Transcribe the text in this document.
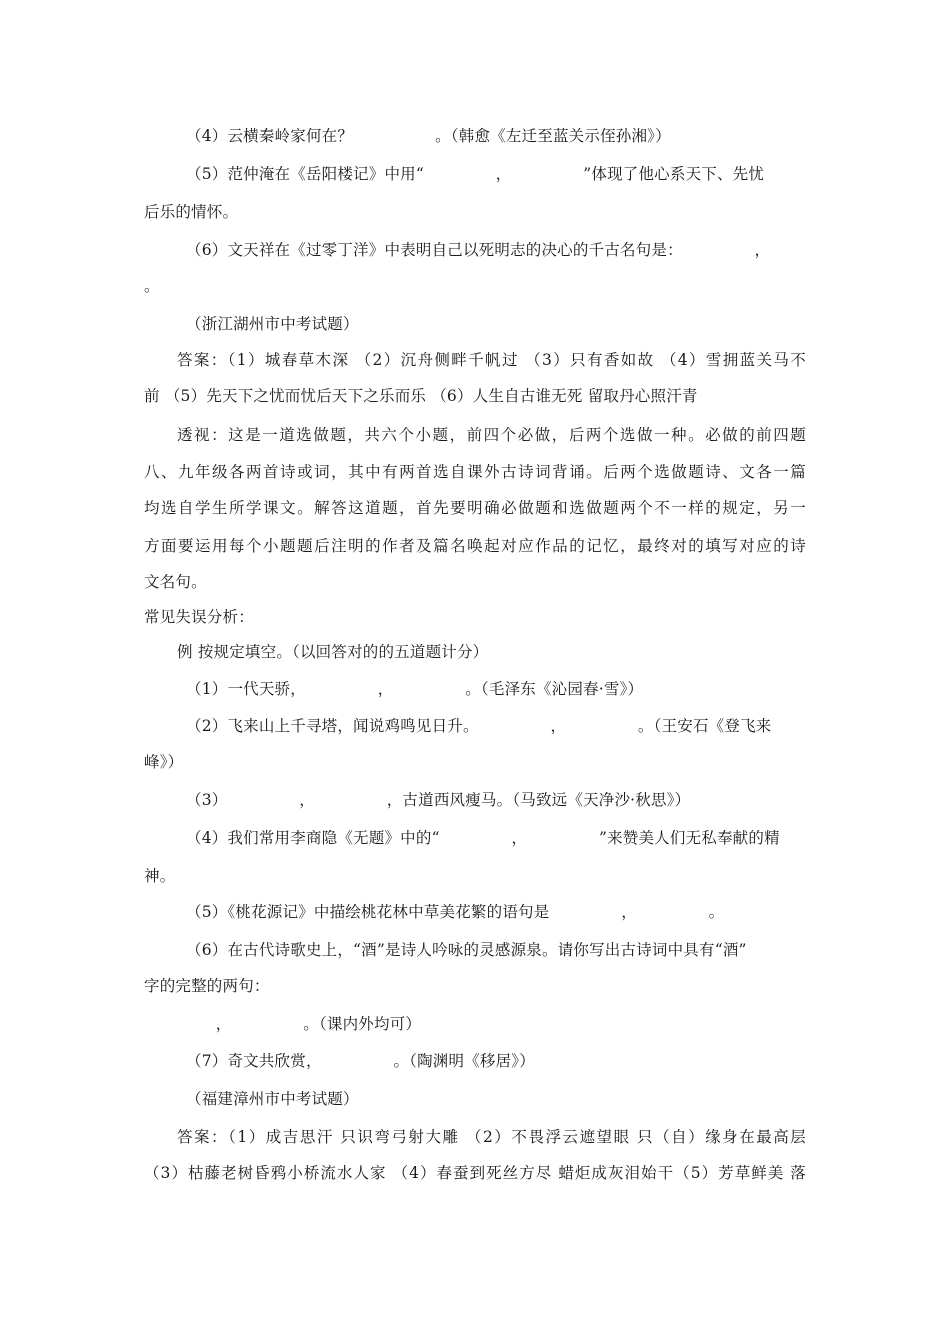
（4）云横秦岭家何在？                。（韩愈《左迁至蓝关示侄孙湘》）
（5）范仲淹在《岳阳楼记》中用“              ，              ”体现了他心系天下、先忧
后乐的情怀。
（6）文天祥在《过零丁洋》中表明自己以死明志的决心的千古名句是：              ，
。
（浙江湖州市中考试题）
答案：（1）城春草木深 （2）沉舟侧畔千帆过 （3）只有香如故 （4）雪拥蓝关马不
前 （5）先天下之忧而忧后天下之乐而乐 （6）人生自古谁无死 留取丹心照汗青
透视：这是一道选做题，共六个小题，前四个必做，后两个选做一种。必做的前四题
八、九年级各两首诗或词，其中有两首选自课外古诗词背诵。后两个选做题诗、文各一篇
均选自学生所学课文。解答这道题，首先要明确必做题和选做题两个不一样的规定，另一
方面要运用每个小题题后注明的作者及篇名唤起对应作品的记忆，最终对的填写对应的诗
文名句。
常见失误分析：
例 按规定填空。（以回答对的的五道题计分）
（1）一代天骄，              ，              。（毛泽东《沁园春·雪》）
（2）飞来山上千寻塔，闻说鸡鸣见日升。              ，              。（王安石《登飞来
峰》）
（3）              ，              ，古道西风瘦马。（马致远《天净沙·秋思》）
（4）我们常用李商隐《无题》中的“              ，              ”来赞美人们无私奉献的精
神。
（5）《桃花源记》中描绘桃花林中草美花繁的语句是              ，              。
（6）在古代诗歌史上，“酒”是诗人吟咏的灵感源泉。请你写出古诗词中具有“酒”
字的完整的两句：
，              。（课内外均可）
（7）奇文共欣赏，              。（陶渊明《移居》）
（福建漳州市中考试题）
答案：（1）成吉思汗 只识弯弓射大雕 （2）不畏浮云遮望眼 只（自）缘身在最高层
（3）枯藤老树昏鸦小桥流水人家 （4）春蚕到死丝方尽 蜡炬成灰泪始干（5）芳草鲜美 落
